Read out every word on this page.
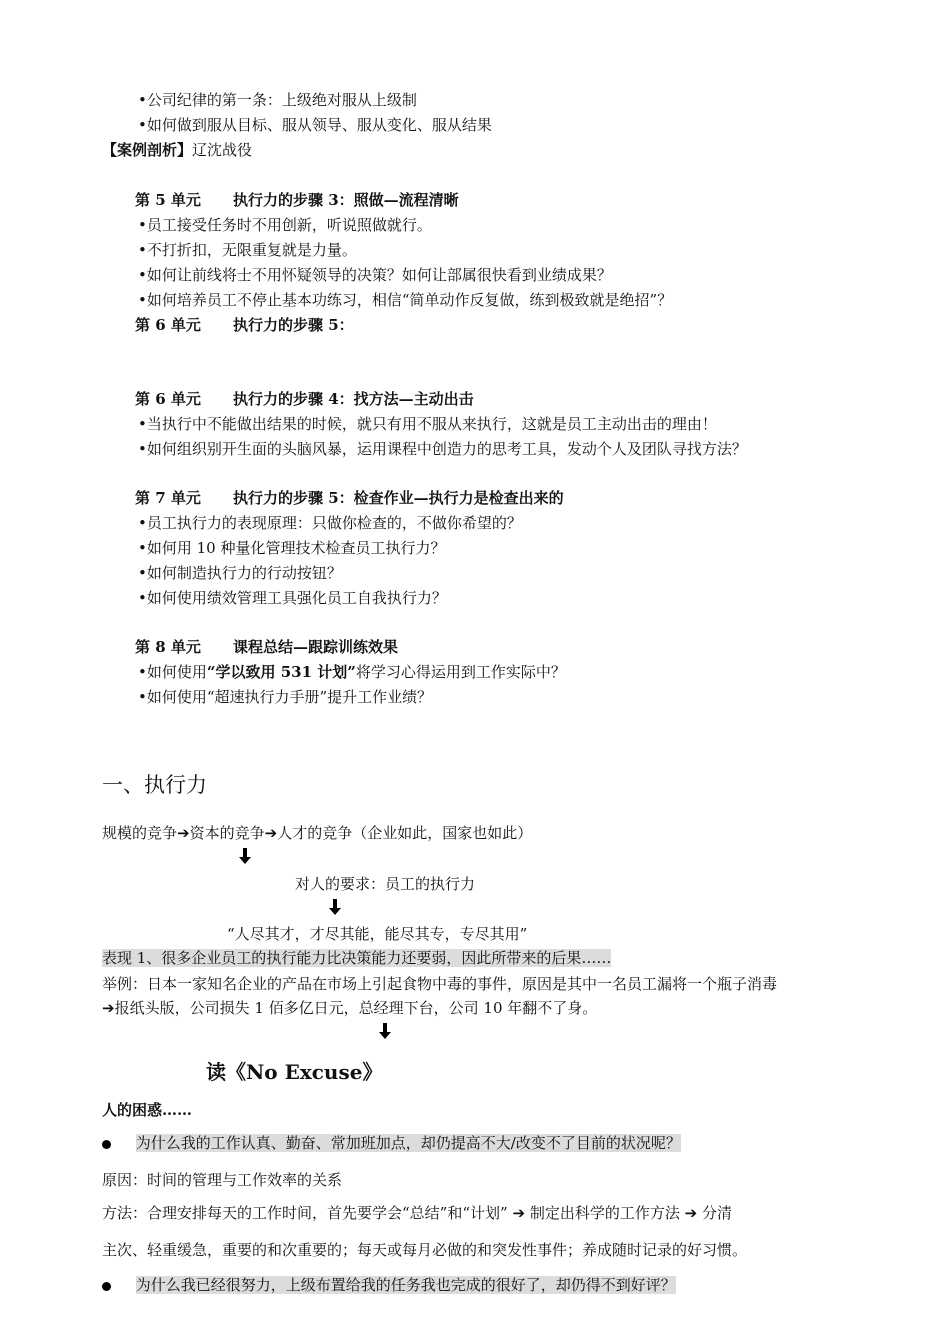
•公司纪律的第一条：上级绝对服从上级制
•如何做到服从目标、服从领导、服从变化、服从结果
【案例剖析】辽沈战役
第 5 单元 执行力的步骤 3：照做—流程清晰
•员工接受任务时不用创新，听说照做就行。
•不打折扣，无限重复就是力量。
•如何让前线将士不用怀疑领导的决策？如何让部属很快看到业绩成果？
•如何培养员工不停止基本功练习，相信“简单动作反复做，练到极致就是绝招”？
第 6 单元 执行力的步骤 5：
第 6 单元 执行力的步骤 4：找方法—主动出击
•当执行中不能做出结果的时候，就只有用不服从来执行，这就是员工主动出击的理由！
•如何组织别开生面的头脑风暴，运用课程中创造力的思考工具，发动个人及团队寻找方法？
第 7 单元 执行力的步骤 5：检查作业—执行力是检查出来的
•员工执行力的表现原理：只做你检查的，不做你希望的？
•如何用 10 种量化管理技术检查员工执行力？
•如何制造执行力的行动按钮？
•如何使用绩效管理工具强化员工自我执行力？
第 8 单元 课程总结—跟踪训练效果
•如何使用“学以致用 531 计划”将学习心得运用到工作实际中？
•如何使用“超速执行力手册”提升工作业绩？
一、执行力
规模的竞争➔资本的竞争➔人才的竞争（企业如此，国家也如此）
对人的要求：员工的执行力
“人尽其才，才尽其能，能尽其专，专尽其用”
表现 1、很多企业员工的执行能力比决策能力还要弱，因此所带来的后果……
举例：日本一家知名企业的产品在市场上引起食物中毒的事件，原因是其中一名员工漏将一个瓶子消毒
➔报纸头版，公司损失 1 佰多亿日元，总经理下台，公司 10 年翻不了身。
读《No Excuse》
人的困惑……
为什么我的工作认真、勤奋、常加班加点，却仍提高不大/改变不了目前的状况呢？
原因：时间的管理与工作效率的关系
方法：合理安排每天的工作时间，首先要学会“总结”和“计划” ➔ 制定出科学的工作方法 ➔ 分清
主次、轻重缓急，重要的和次重要的；每天或每月必做的和突发性事件；养成随时记录的好习惯。
为什么我已经很努力，上级布置给我的任务我也完成的很好了，却仍得不到好评？
